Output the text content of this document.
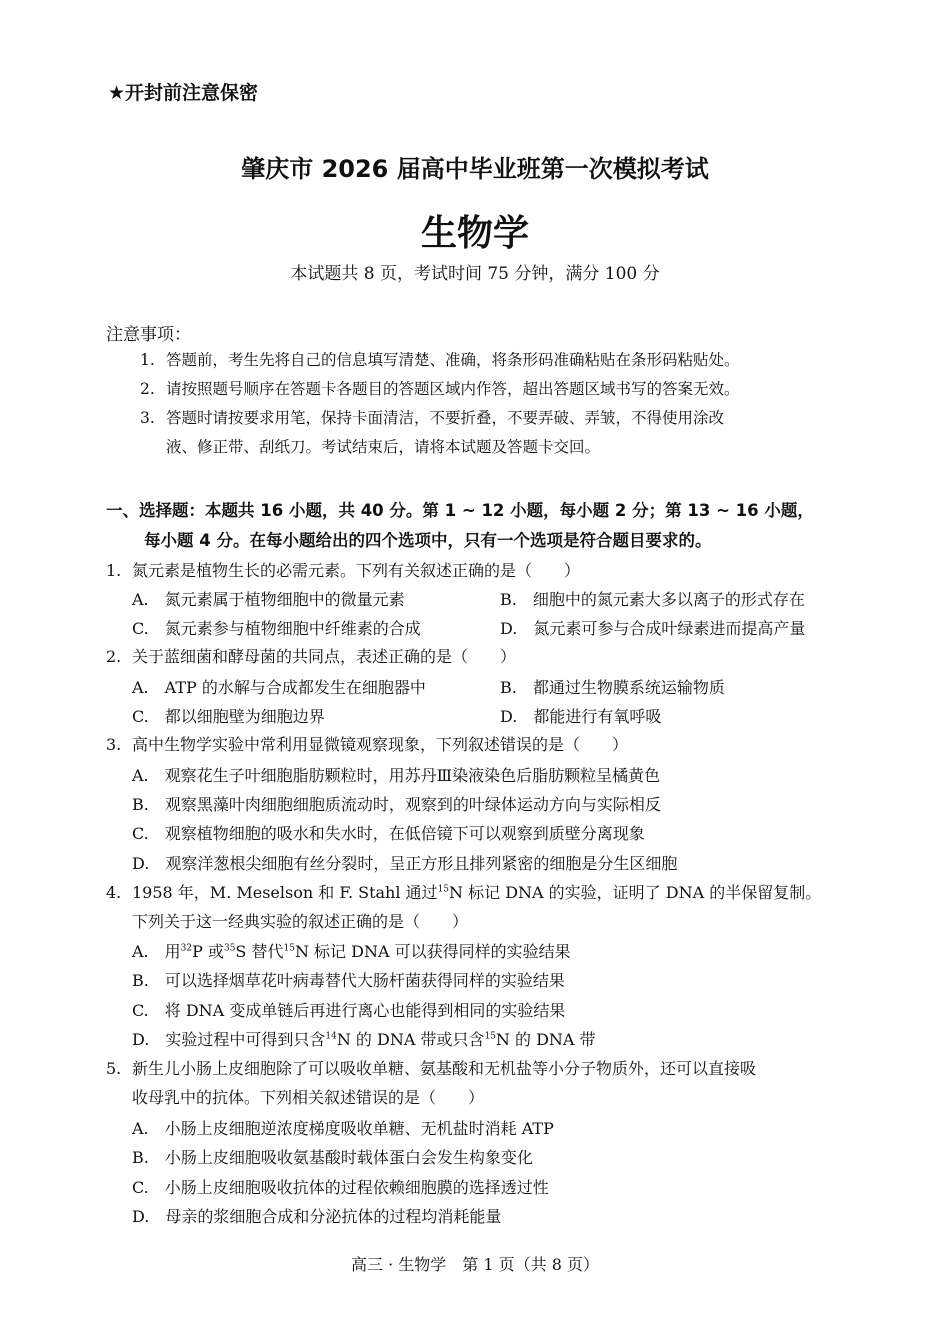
★开封前注意保密
肇庆市 2026 届高中毕业班第一次模拟考试
生物学
本试题共 8 页，考试时间 75 分钟，满分 100 分
注意事项：
1. 答题前，考生先将自己的信息填写清楚、准确，将条形码准确粘贴在条形码粘贴处。
2. 请按照题号顺序在答题卡各题目的答题区域内作答，超出答题区域书写的答案无效。
3. 答题时请按要求用笔，保持卡面清洁，不要折叠，不要弄破、弄皱，不得使用涂改
液、修正带、刮纸刀。考试结束后，请将本试题及答题卡交回。
一、选择题：本题共 16 小题，共 40 分。第 1 ~ 12 小题，每小题 2 分；第 13 ~ 16 小题，
每小题 4 分。在每小题给出的四个选项中，只有一个选项是符合题目要求的。
1. 氮元素是植物生长的必需元素。下列有关叙述正确的是（　　）
A.　氮元素属于植物细胞中的微量元素	B.　细胞中的氮元素大多以离子的形式存在
C.　氮元素参与植物细胞中纤维素的合成	D.　氮元素可参与合成叶绿素进而提高产量
2. 关于蓝细菌和酵母菌的共同点，表述正确的是（　　）
A.　ATP 的水解与合成都发生在细胞器中	B.　都通过生物膜系统运输物质
C.　都以细胞壁为细胞边界	D.　都能进行有氧呼吸
3. 高中生物学实验中常利用显微镜观察现象，下列叙述错误的是（　　）
A.　观察花生子叶细胞脂肪颗粒时，用苏丹Ⅲ染液染色后脂肪颗粒呈橘黄色
B.　观察黑藻叶肉细胞细胞质流动时，观察到的叶绿体运动方向与实际相反
C.　观察植物细胞的吸水和失水时，在低倍镜下可以观察到质壁分离现象
D.　观察洋葱根尖细胞有丝分裂时，呈正方形且排列紧密的细胞是分生区细胞
4. 1958 年，M. Meselson 和 F. Stahl 通过$^{15}$N 标记 DNA 的实验，证明了 DNA 的半保留复制。
下列关于这一经典实验的叙述正确的是（　　）
A.　用$^{32}$P 或$^{35}$S 替代$^{15}$N 标记 DNA 可以获得同样的实验结果
B.　可以选择烟草花叶病毒替代大肠杆菌获得同样的实验结果
C.　将 DNA 变成单链后再进行离心也能得到相同的实验结果
D.　实验过程中可得到只含$^{14}$N 的 DNA 带或只含$^{15}$N 的 DNA 带
5. 新生儿小肠上皮细胞除了可以吸收单糖、氨基酸和无机盐等小分子物质外，还可以直接吸
收母乳中的抗体。下列相关叙述错误的是（　　）
A.　小肠上皮细胞逆浓度梯度吸收单糖、无机盐时消耗 ATP
B.　小肠上皮细胞吸收氨基酸时载体蛋白会发生构象变化
C.　小肠上皮细胞吸收抗体的过程依赖细胞膜的选择透过性
D.　母亲的浆细胞合成和分泌抗体的过程均消耗能量
高三 · 生物学　第 1 页（共 8 页）
